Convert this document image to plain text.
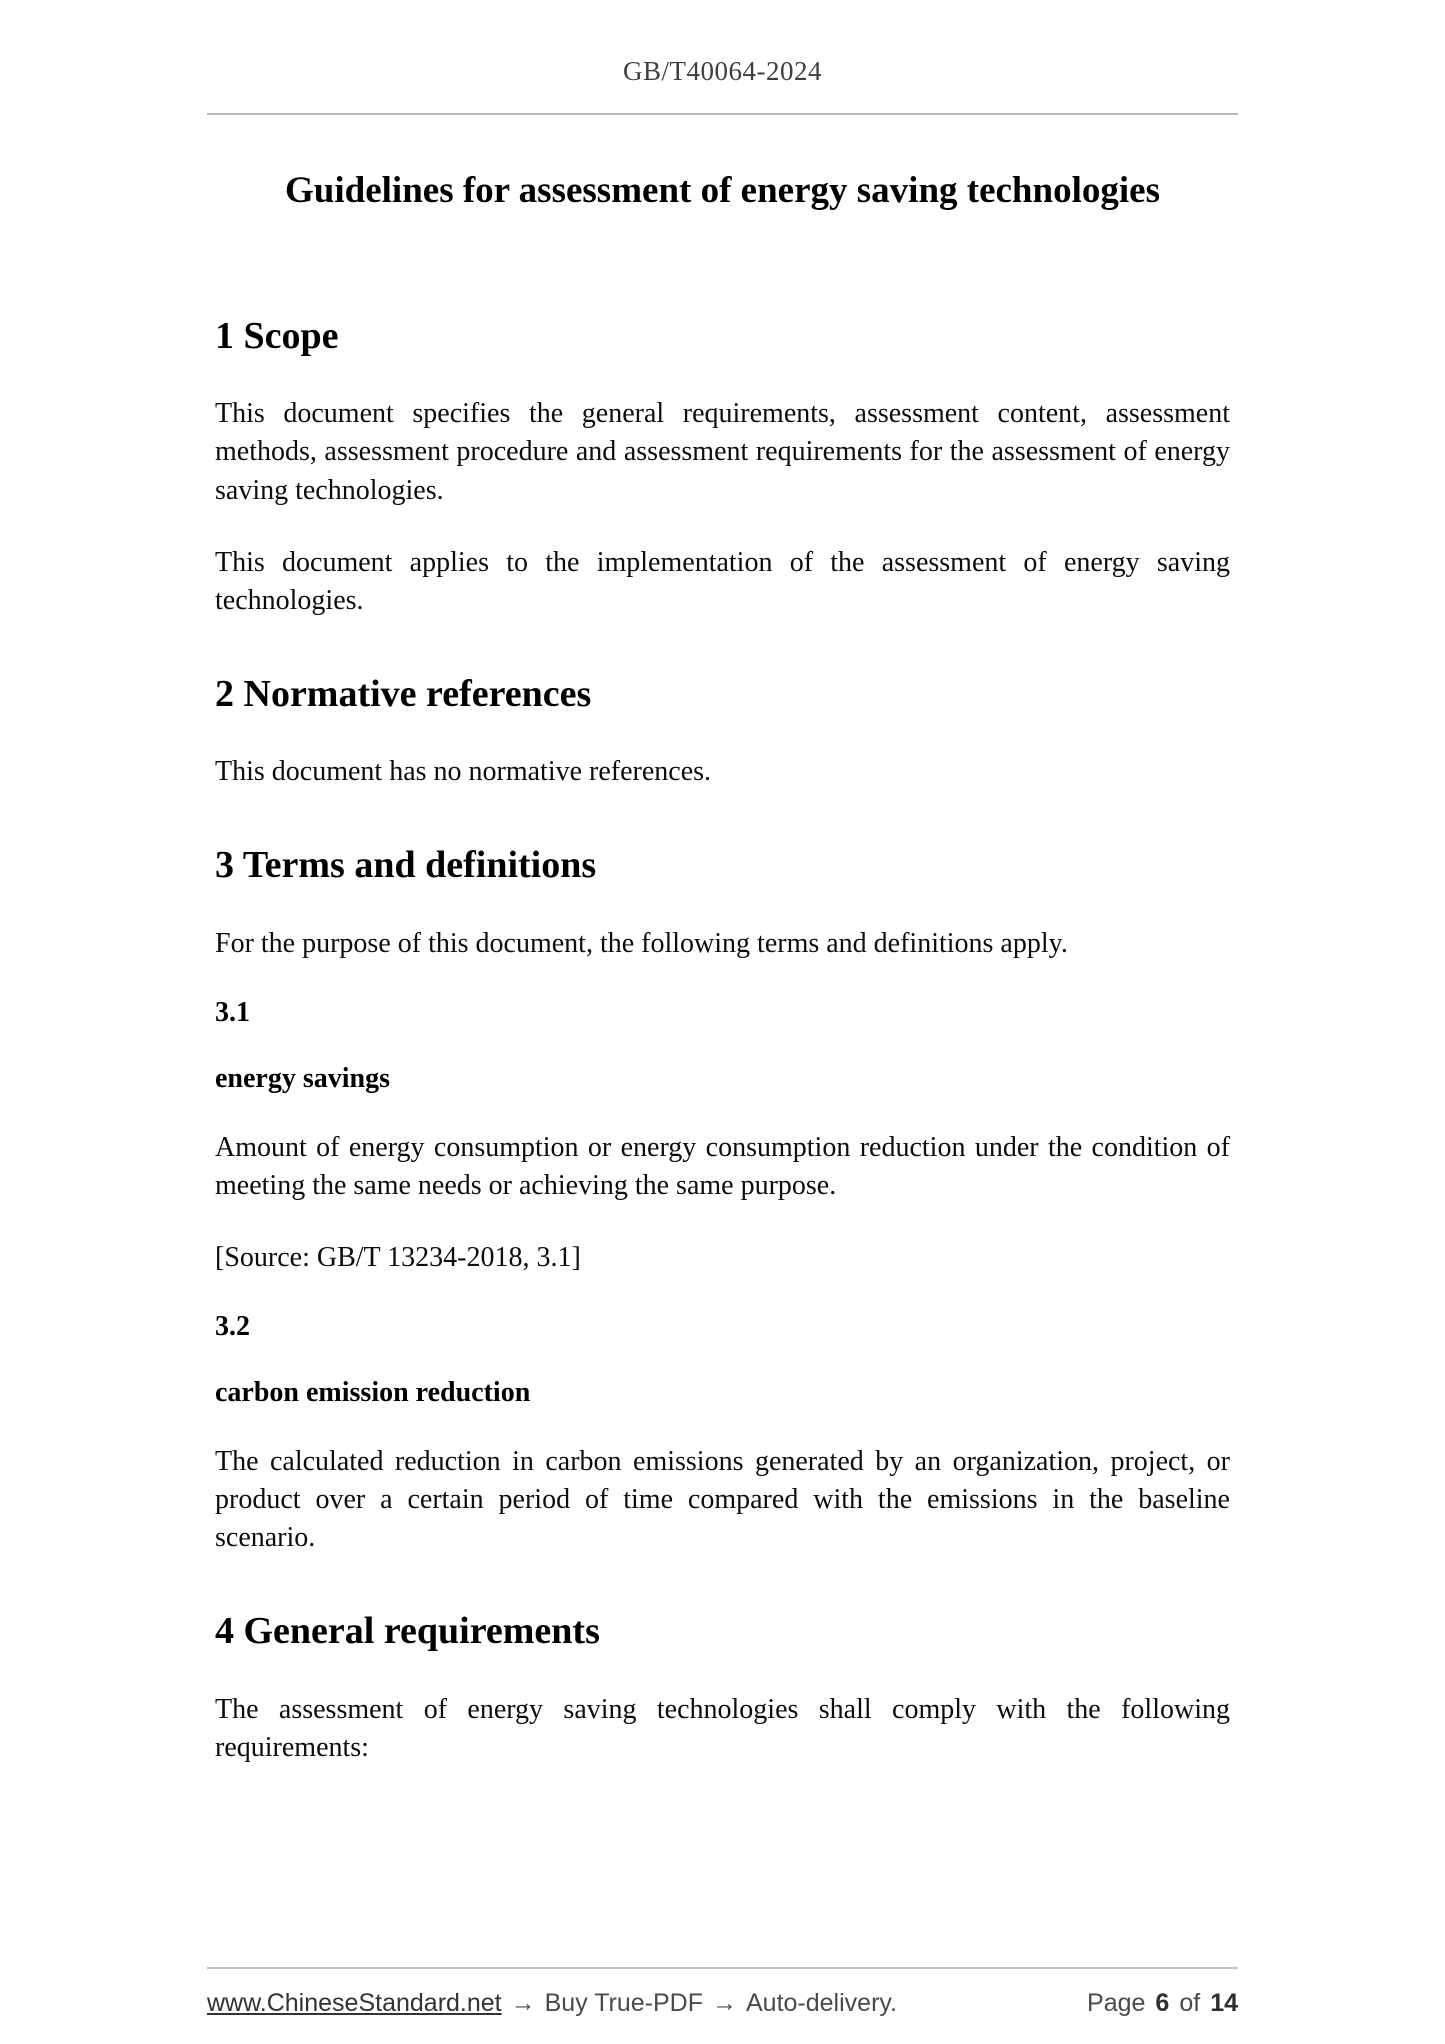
GB/T40064-2024
Guidelines for assessment of energy saving technologies
1 Scope
This document specifies the general requirements, assessment content, assessment methods, assessment procedure and assessment requirements for the assessment of energy saving technologies.
This document applies to the implementation of the assessment of energy saving technologies.
2 Normative references
This document has no normative references.
3 Terms and definitions
For the purpose of this document, the following terms and definitions apply.
3.1
energy savings
Amount of energy consumption or energy consumption reduction under the condition of meeting the same needs or achieving the same purpose.
[Source: GB/T 13234-2018, 3.1]
3.2
carbon emission reduction
The calculated reduction in carbon emissions generated by an organization, project, or product over a certain period of time compared with the emissions in the baseline scenario.
4 General requirements
The assessment of energy saving technologies shall comply with the following requirements:
www.ChineseStandard.net → Buy True-PDF → Auto-delivery.	Page 6 of 14
